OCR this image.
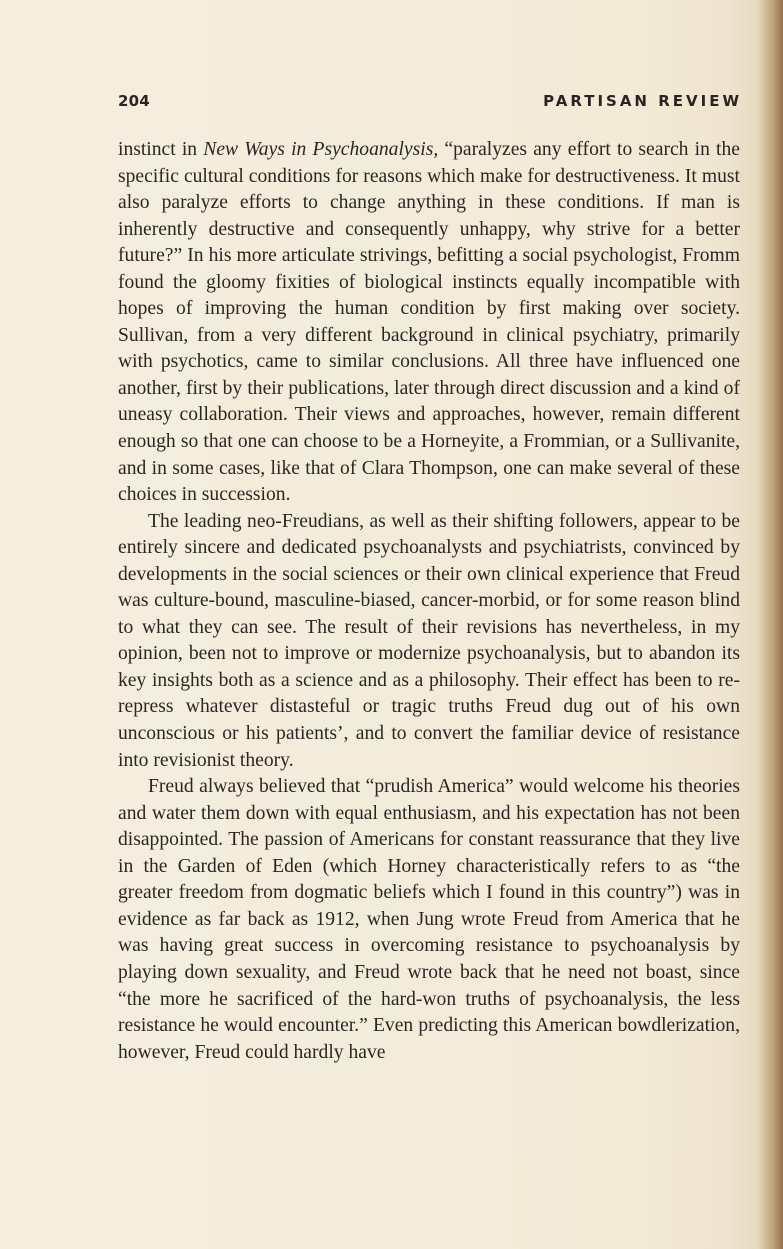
204	PARTISAN REVIEW

instinct in New Ways in Psychoanalysis, “paralyzes any effort to search in the specific cultural conditions for reasons which make for destructiveness. It must also paralyze efforts to change anything in these conditions. If man is inherently destructive and consequently unhappy, why strive for a better future?” In his more articulate strivings, befitting a social psychologist, Fromm found the gloomy fixities of biological instincts equally incompatible with hopes of improving the human condition by first making over society. Sullivan, from a very different background in clinical psychiatry, primarily with psychotics, came to similar conclusions. All three have influenced one another, first by their publications, later through direct discussion and a kind of uneasy collaboration. Their views and approaches, however, remain different enough so that one can choose to be a Horneyite, a Frommian, or a Sullivanite, and in some cases, like that of Clara Thompson, one can make several of these choices in succession.

The leading neo-Freudians, as well as their shifting followers, appear to be entirely sincere and dedicated psychoanalysts and psychiatrists, convinced by developments in the social sciences or their own clinical experience that Freud was culture-bound, masculine-biased, cancer-morbid, or for some reason blind to what they can see. The result of their revisions has nevertheless, in my opinion, been not to improve or modernize psychoanalysis, but to abandon its key insights both as a science and as a philosophy. Their effect has been to re-repress whatever distasteful or tragic truths Freud dug out of his own unconscious or his patients’, and to convert the familiar device of resistance into revisionist theory.

Freud always believed that “prudish America” would welcome his theories and water them down with equal enthusiasm, and his expectation has not been disappointed. The passion of Americans for constant reassurance that they live in the Garden of Eden (which Horney characteristically refers to as “the greater freedom from dogmatic beliefs which I found in this country”) was in evidence as far back as 1912, when Jung wrote Freud from America that he was having great success in overcoming resistance to psychoanalysis by playing down sexuality, and Freud wrote back that he need not boast, since “the more he sacrificed of the hard-won truths of psychoanalysis, the less resistance he would encounter.” Even predicting this American bowdlerization, however, Freud could hardly have
